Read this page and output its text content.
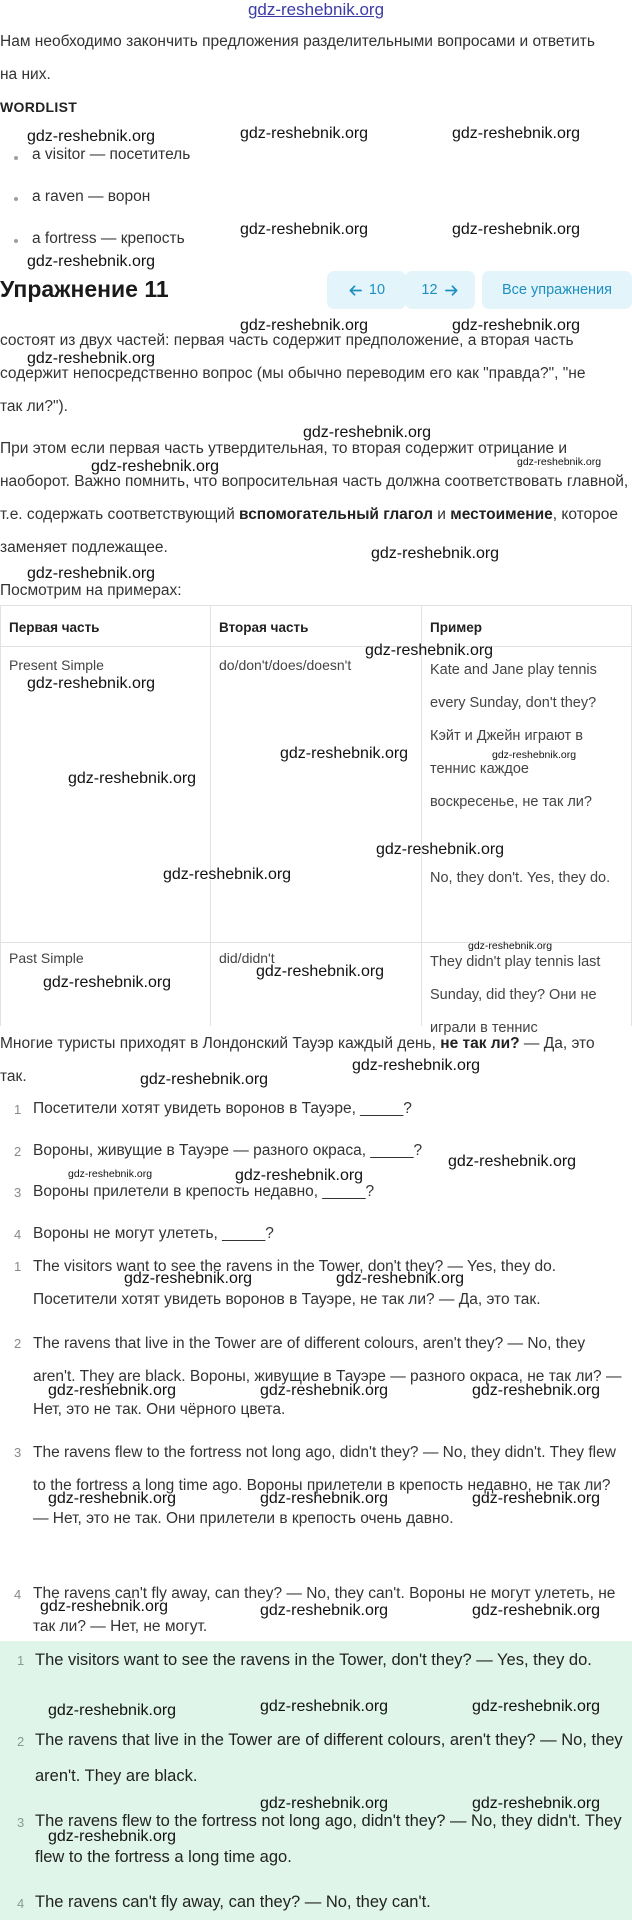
gdz-reshebnik.org
Нам необходимо закончить предложения разделительными вопросами и ответить на них.
WORDLIST
a visitor — посетитель
a raven — ворон
a fortress — крепость
Упражнение 11	10	12	Все упражнения
состоят из двух частей: первая часть содержит предположение, а вторая часть содержит непосредственно вопрос (мы обычно переводим его как "правда?", "не так ли?").
При этом если первая часть утвердительная, то вторая содержит отрицание и наоборот. Важно помнить, что вопросительная часть должна соответствовать главной, т.е. содержать соответствующий вспомогательный глагол и местоимение, которое заменяет подлежащее.
Посмотрим на примерах:
Первая часть	Вторая часть	Пример
Present Simple	do/don't/does/doesn't	Kate and Jane play tennis every Sunday, don't they? Кэйт и Джейн играют в теннис каждое воскресенье, не так ли?
No, they don't. Yes, they do.
Past Simple	did/didn't	They didn't play tennis last Sunday, did they? Они не играли в теннис
Многие туристы приходят в Лондонский Тауэр каждый день, не так ли? — Да, это так.
1 Посетители хотят увидеть воронов в Тауэре, _____?
2 Вороны, живущие в Тауэре — разного окраса, _____?
3 Вороны прилетели в крепость недавно, _____?
4 Вороны не могут улететь, _____?
1 The visitors want to see the ravens in the Tower, don't they? — Yes, they do. Посетители хотят увидеть воронов в Тауэре, не так ли? — Да, это так.
2 The ravens that live in the Tower are of different colours, aren't they? — No, they aren't. They are black. Вороны, живущие в Тауэре — разного окраса, не так ли? — Нет, это не так. Они чёрного цвета.
3 The ravens flew to the fortress not long ago, didn't they? — No, they didn't. They flew to the fortress a long time ago. Вороны прилетели в крепость недавно, не так ли? — Нет, это не так. Они прилетели в крепость очень давно.
4 The ravens can't fly away, can they? — No, they can't. Вороны не могут улететь, не так ли? — Нет, не могут.
1 The visitors want to see the ravens in the Tower, don't they? — Yes, they do.
2 The ravens that live in the Tower are of different colours, aren't they? — No, they aren't. They are black.
3 The ravens flew to the fortress not long ago, didn't they? — No, they didn't. They flew to the fortress a long time ago.
4 The ravens can't fly away, can they? — No, they can't.
gdz-reshebnik.org	gdz-reshebnik.org	gdz-reshebnik.org
gdz-reshebnik.org	gdz-reshebnik.org
gdz-reshebnik.org
gdz-reshebnik.org	gdz-reshebnik.org
gdz-reshebnik.org
gdz-reshebnik.org
gdz-reshebnik.org
gdz-reshebnik.org
gdz-reshebnik.org
gdz-reshebnik.org
gdz-reshebnik.org
gdz-reshebnik.org
gdz-reshebnik.org	gdz-reshebnik.org
gdz-reshebnik.org
gdz-reshebnik.org
gdz-reshebnik.org
gdz-reshebnik.org
gdz-reshebnik.org
gdz-reshebnik.org
gdz-reshebnik.org
gdz-reshebnik.org
gdz-reshebnik.org	gdz-reshebnik.org
gdz-reshebnik.org
gdz-reshebnik.org	gdz-reshebnik.org
gdz-reshebnik.org	gdz-reshebnik.org	gdz-reshebnik.org
gdz-reshebnik.org	gdz-reshebnik.org	gdz-reshebnik.org
gdz-reshebnik.org	gdz-reshebnik.org	gdz-reshebnik.org
gdz-reshebnik.org	gdz-reshebnik.org	gdz-reshebnik.org
gdz-reshebnik.org	gdz-reshebnik.org
gdz-reshebnik.org
